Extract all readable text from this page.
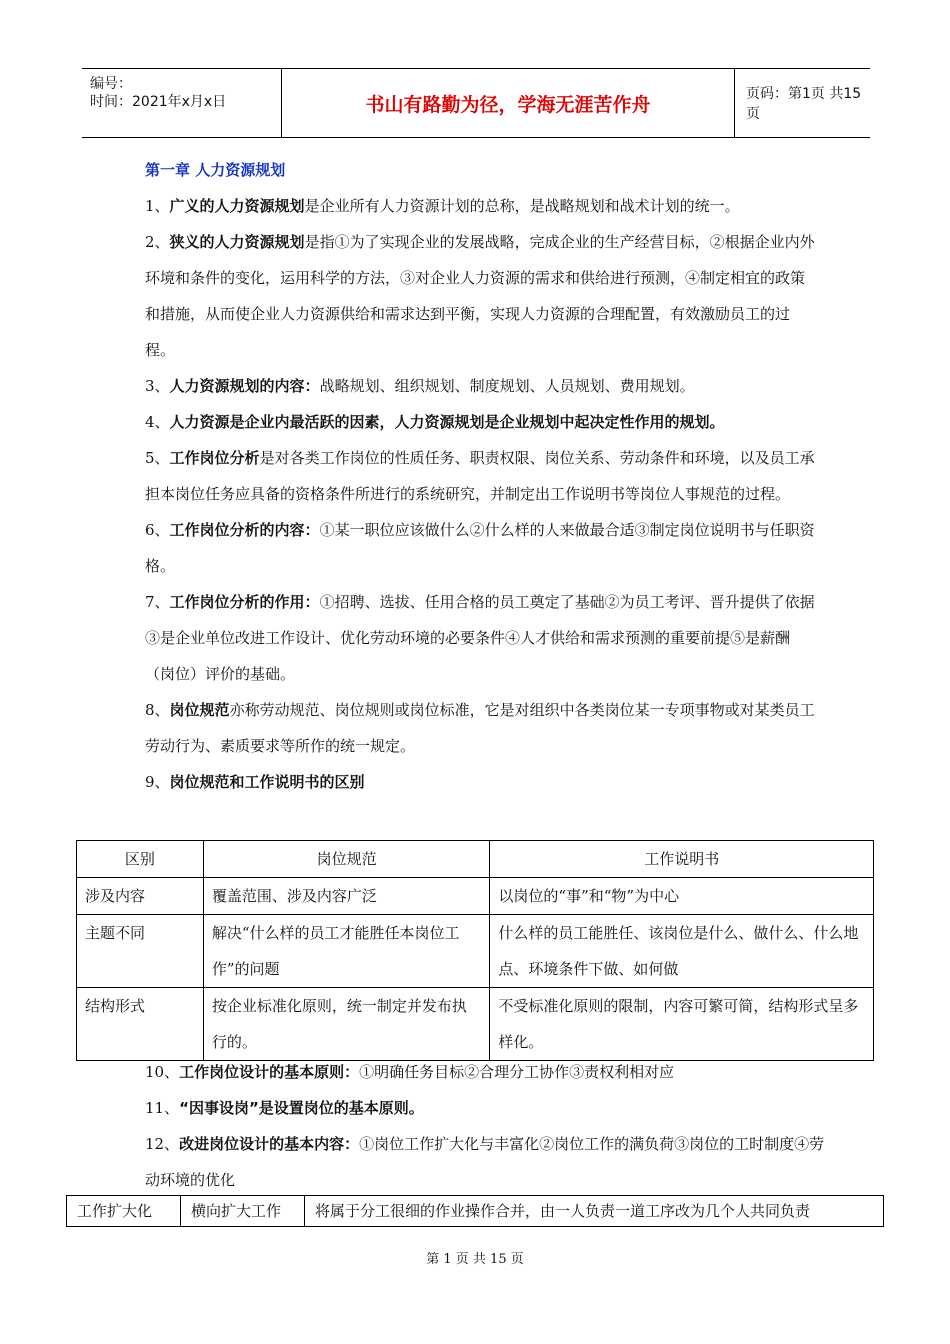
编号：
时间：2021年x月x日	书山有路勤为径，学海无涯苦作舟	页码：第1页 共15页
第一章 人力资源规划
1、广义的人力资源规划是企业所有人力资源计划的总称，是战略规划和战术计划的统一。
2、狭义的人力资源规划是指①为了实现企业的发展战略，完成企业的生产经营目标，②根据企业内外环境和条件的变化，运用科学的方法，③对企业人力资源的需求和供给进行预测，④制定相宜的政策和措施，从而使企业人力资源供给和需求达到平衡，实现人力资源的合理配置，有效激励员工的过程。
3、人力资源规划的内容：战略规划、组织规划、制度规划、人员规划、费用规划。
4、人力资源是企业内最活跃的因素，人力资源规划是企业规划中起决定性作用的规划。
5、工作岗位分析是对各类工作岗位的性质任务、职责权限、岗位关系、劳动条件和环境，以及员工承担本岗位任务应具备的资格条件所进行的系统研究，并制定出工作说明书等岗位人事规范的过程。
6、工作岗位分析的内容：①某一职位应该做什么②什么样的人来做最合适③制定岗位说明书与任职资格。
7、工作岗位分析的作用：①招聘、选拔、任用合格的员工奠定了基础②为员工考评、晋升提供了依据③是企业单位改进工作设计、优化劳动环境的必要条件④人才供给和需求预测的重要前提⑤是薪酬（岗位）评价的基础。
8、岗位规范亦称劳动规范、岗位规则或岗位标准，它是对组织中各类岗位某一专项事物或对某类员工劳动行为、素质要求等所作的统一规定。
9、岗位规范和工作说明书的区别
区别	岗位规范	工作说明书
涉及内容	覆盖范围、涉及内容广泛	以岗位的“事”和“物”为中心
主题不同	解决“什么样的员工才能胜任本岗位工作”的问题	什么样的员工能胜任、该岗位是什么、做什么、什么地点、环境条件下做、如何做
结构形式	按企业标准化原则，统一制定并发布执行的。	不受标准化原则的限制，内容可繁可简，结构形式呈多样化。
10、工作岗位设计的基本原则：①明确任务目标②合理分工协作③责权利相对应
11、“因事设岗”是设置岗位的基本原则。
12、改进岗位设计的基本内容：①岗位工作扩大化与丰富化②岗位工作的满负荷③岗位的工时制度④劳动环境的优化
工作扩大化	横向扩大工作	将属于分工很细的作业操作合并，由一人负责一道工序改为几个人共同负责
第 1 页 共 15 页
